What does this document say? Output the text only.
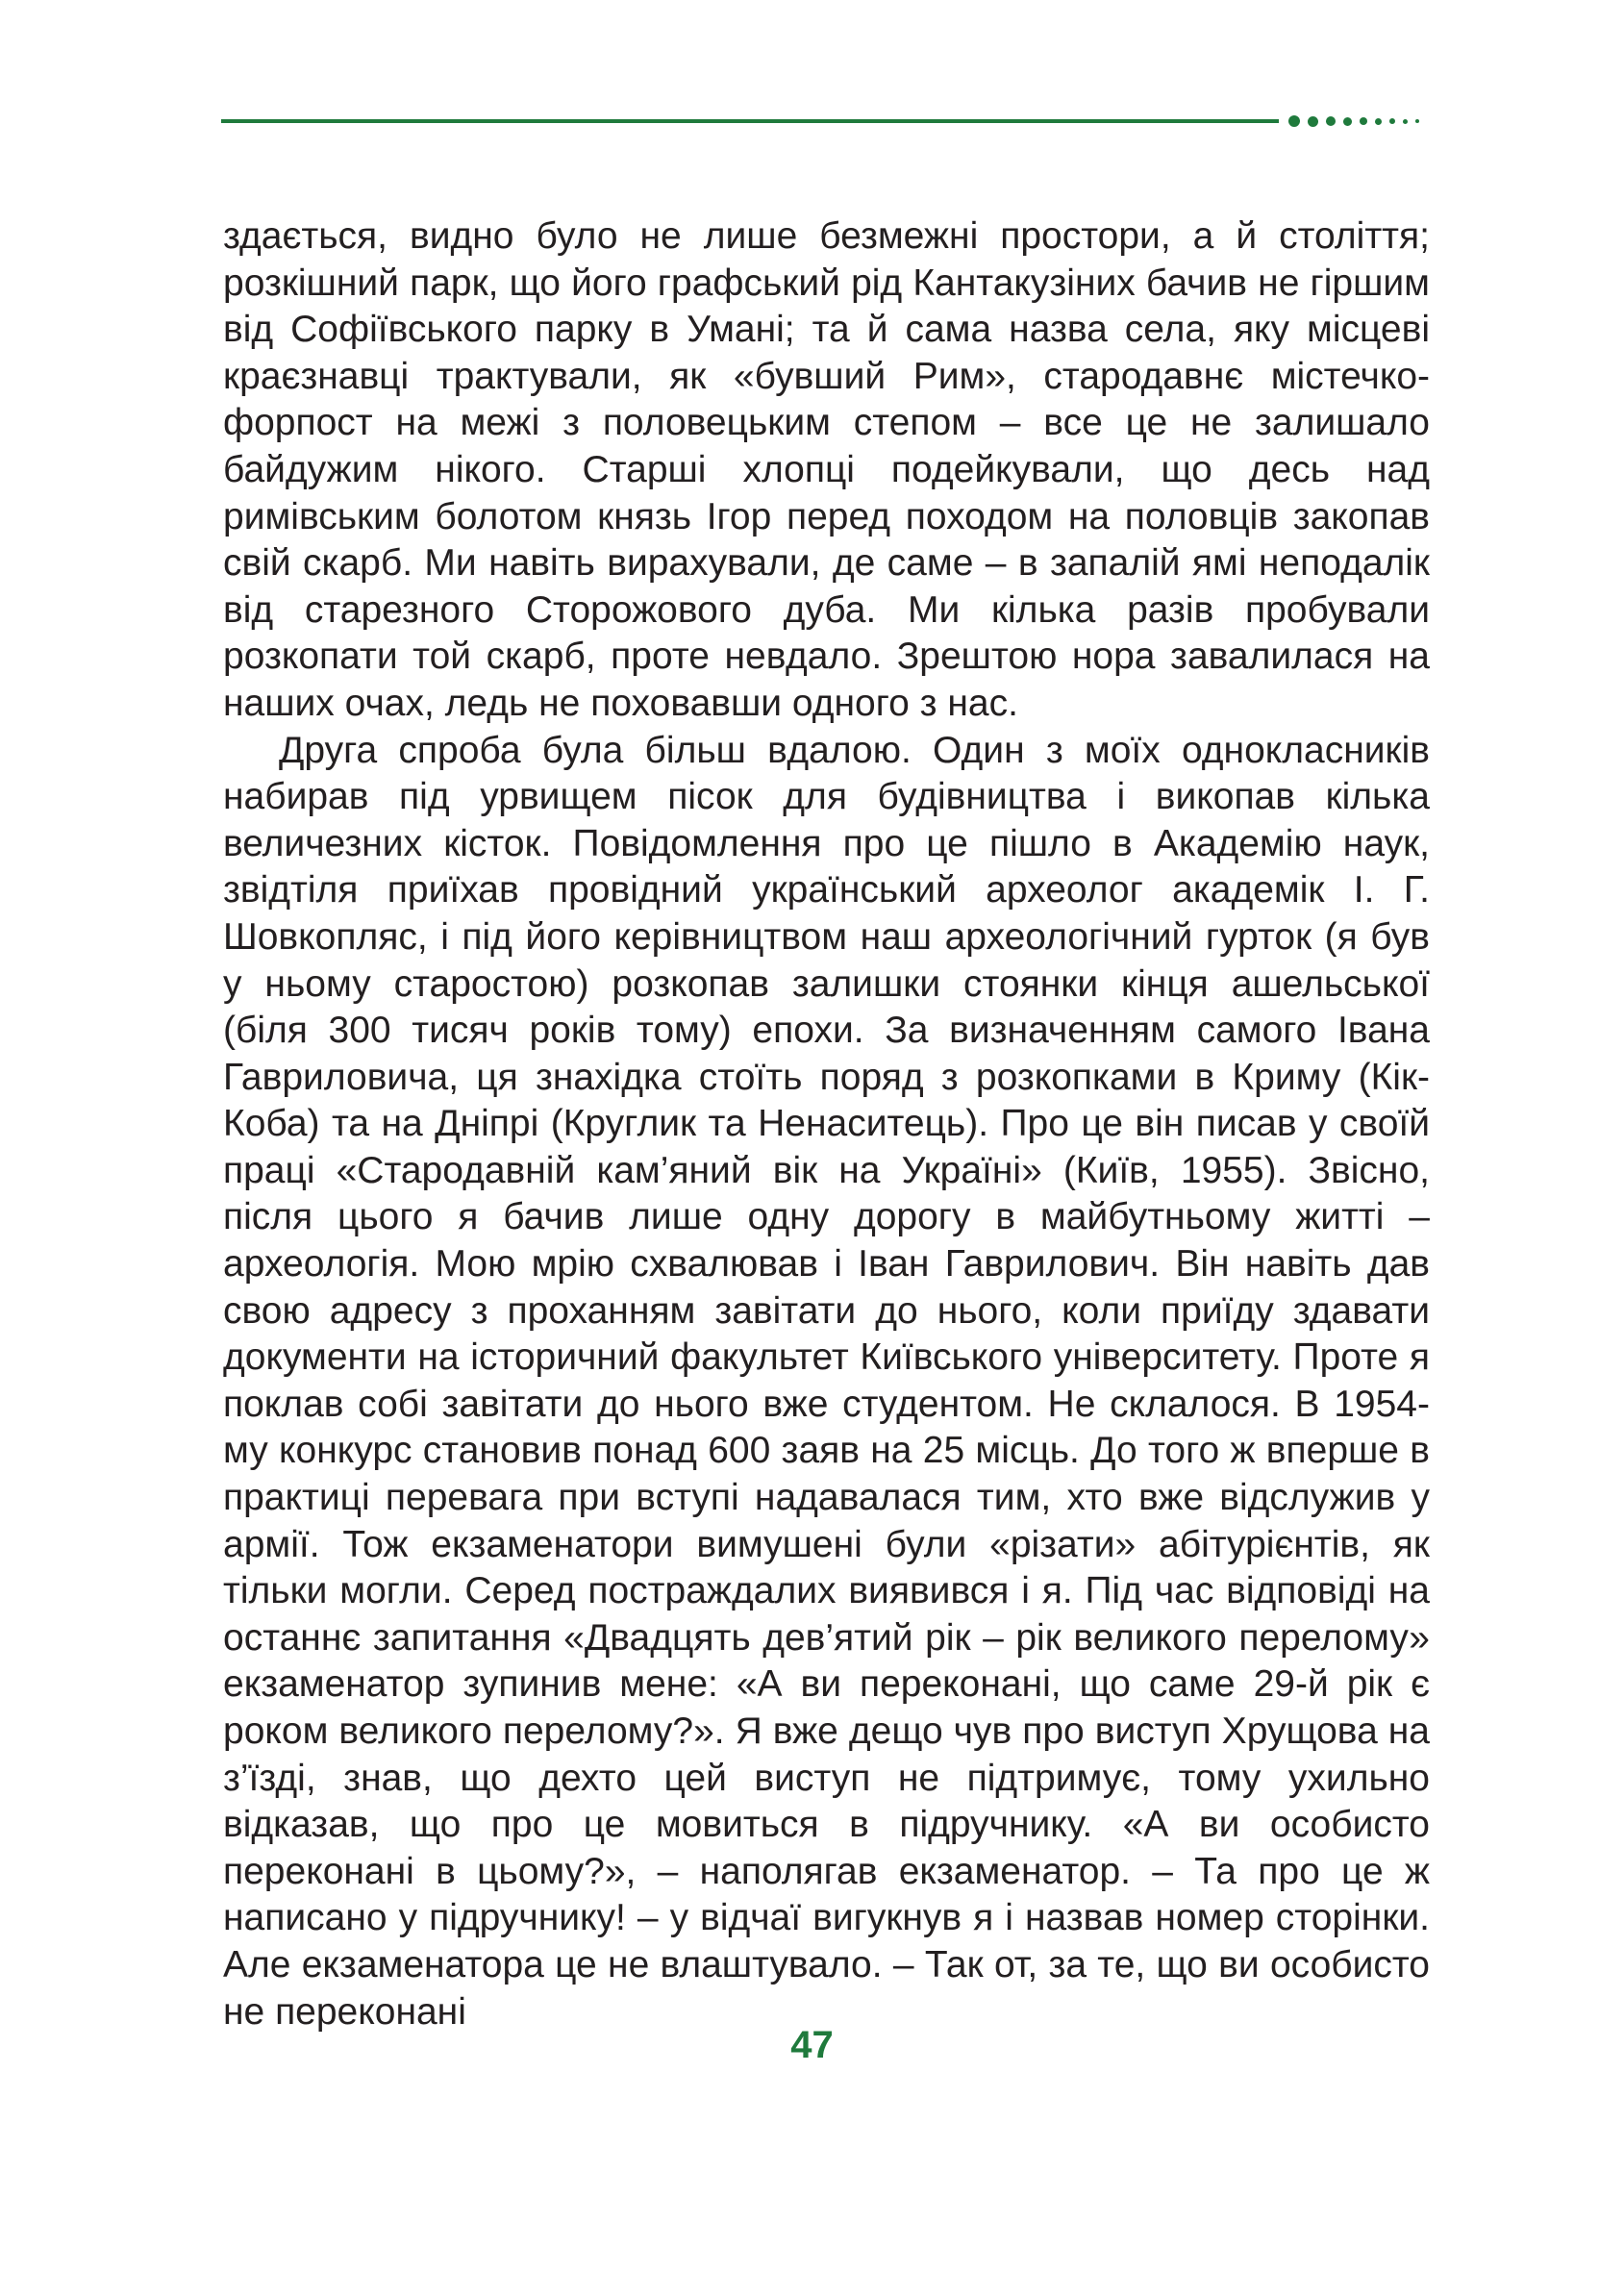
здається, видно було не лише безмежні простори, а й століття; розкішний парк, що його графський рід Кантакузіних бачив не гіршим від Софіївського парку в Умані; та й сама назва села, яку місцеві краєзнавці трактували, як «бувший Рим», стародавнє містечко-форпост на межі з половецьким степом – все це не залишало байдужим нікого. Старші хлопці подейкували, що десь над римівським болотом князь Ігор перед походом на половців закопав свій скарб. Ми навіть вирахували, де саме – в запалій ямі неподалік від старезного Сторожового дуба. Ми кілька разів пробували розкопати той скарб, проте невдало. Зрештою нора завалилася на наших очах, ледь не поховавши одного з нас.

Друга спроба була більш вдалою. Один з моїх однокласників набирав під урвищем пісок для будівництва і викопав кілька величезних кісток. Повідомлення про це пішло в Академію наук, звідтіля приїхав провідний український археолог академік І. Г. Шовкопляс, і під його керівництвом наш археологічний гурток (я був у ньому старостою) розкопав залишки стоянки кінця ашельської (біля 300 тисяч років тому) епохи. За визначенням самого Івана Гавриловича, ця знахідка стоїть поряд з розкопками в Криму (Кік-Коба) та на Дніпрі (Круглик та Ненаситець). Про це він писав у своїй праці «Стародавній кам’яний вік на Україні» (Київ, 1955). Звісно, після цього я бачив лише одну дорогу в майбутньому житті – археологія. Мою мрію схвалював і Іван Гаврилович. Він навіть дав свою адресу з проханням завітати до нього, коли приїду здавати документи на історичний факультет Київського університету. Проте я поклав собі завітати до нього вже студентом. Не склалося. В 1954-му конкурс становив понад 600 заяв на 25 місць. До того ж вперше в практиці перевага при вступі надавалася тим, хто вже відслужив у армії. Тож екзаменатори вимушені були «різати» абітурієнтів, як тільки могли. Серед постраждалих виявився і я. Під час відповіді на останнє запитання «Двадцять дев’ятий рік – рік великого перелому» екзаменатор зупинив мене: «А ви переконані, що саме 29-й рік є роком великого перелому?». Я вже дещо чув про виступ Хрущова на з’їзді, знав, що дехто цей виступ не підтримує, тому ухильно відказав, що про це мовиться в підручнику. «А ви особисто переконані в цьому?», – наполягав екзаменатор. – Та про це ж написано у підручнику! – у відчаї вигукнув я і назвав номер сторінки. Але екзаменатора це не влаштувало. – Так от, за те, що ви особисто не переконані

47
